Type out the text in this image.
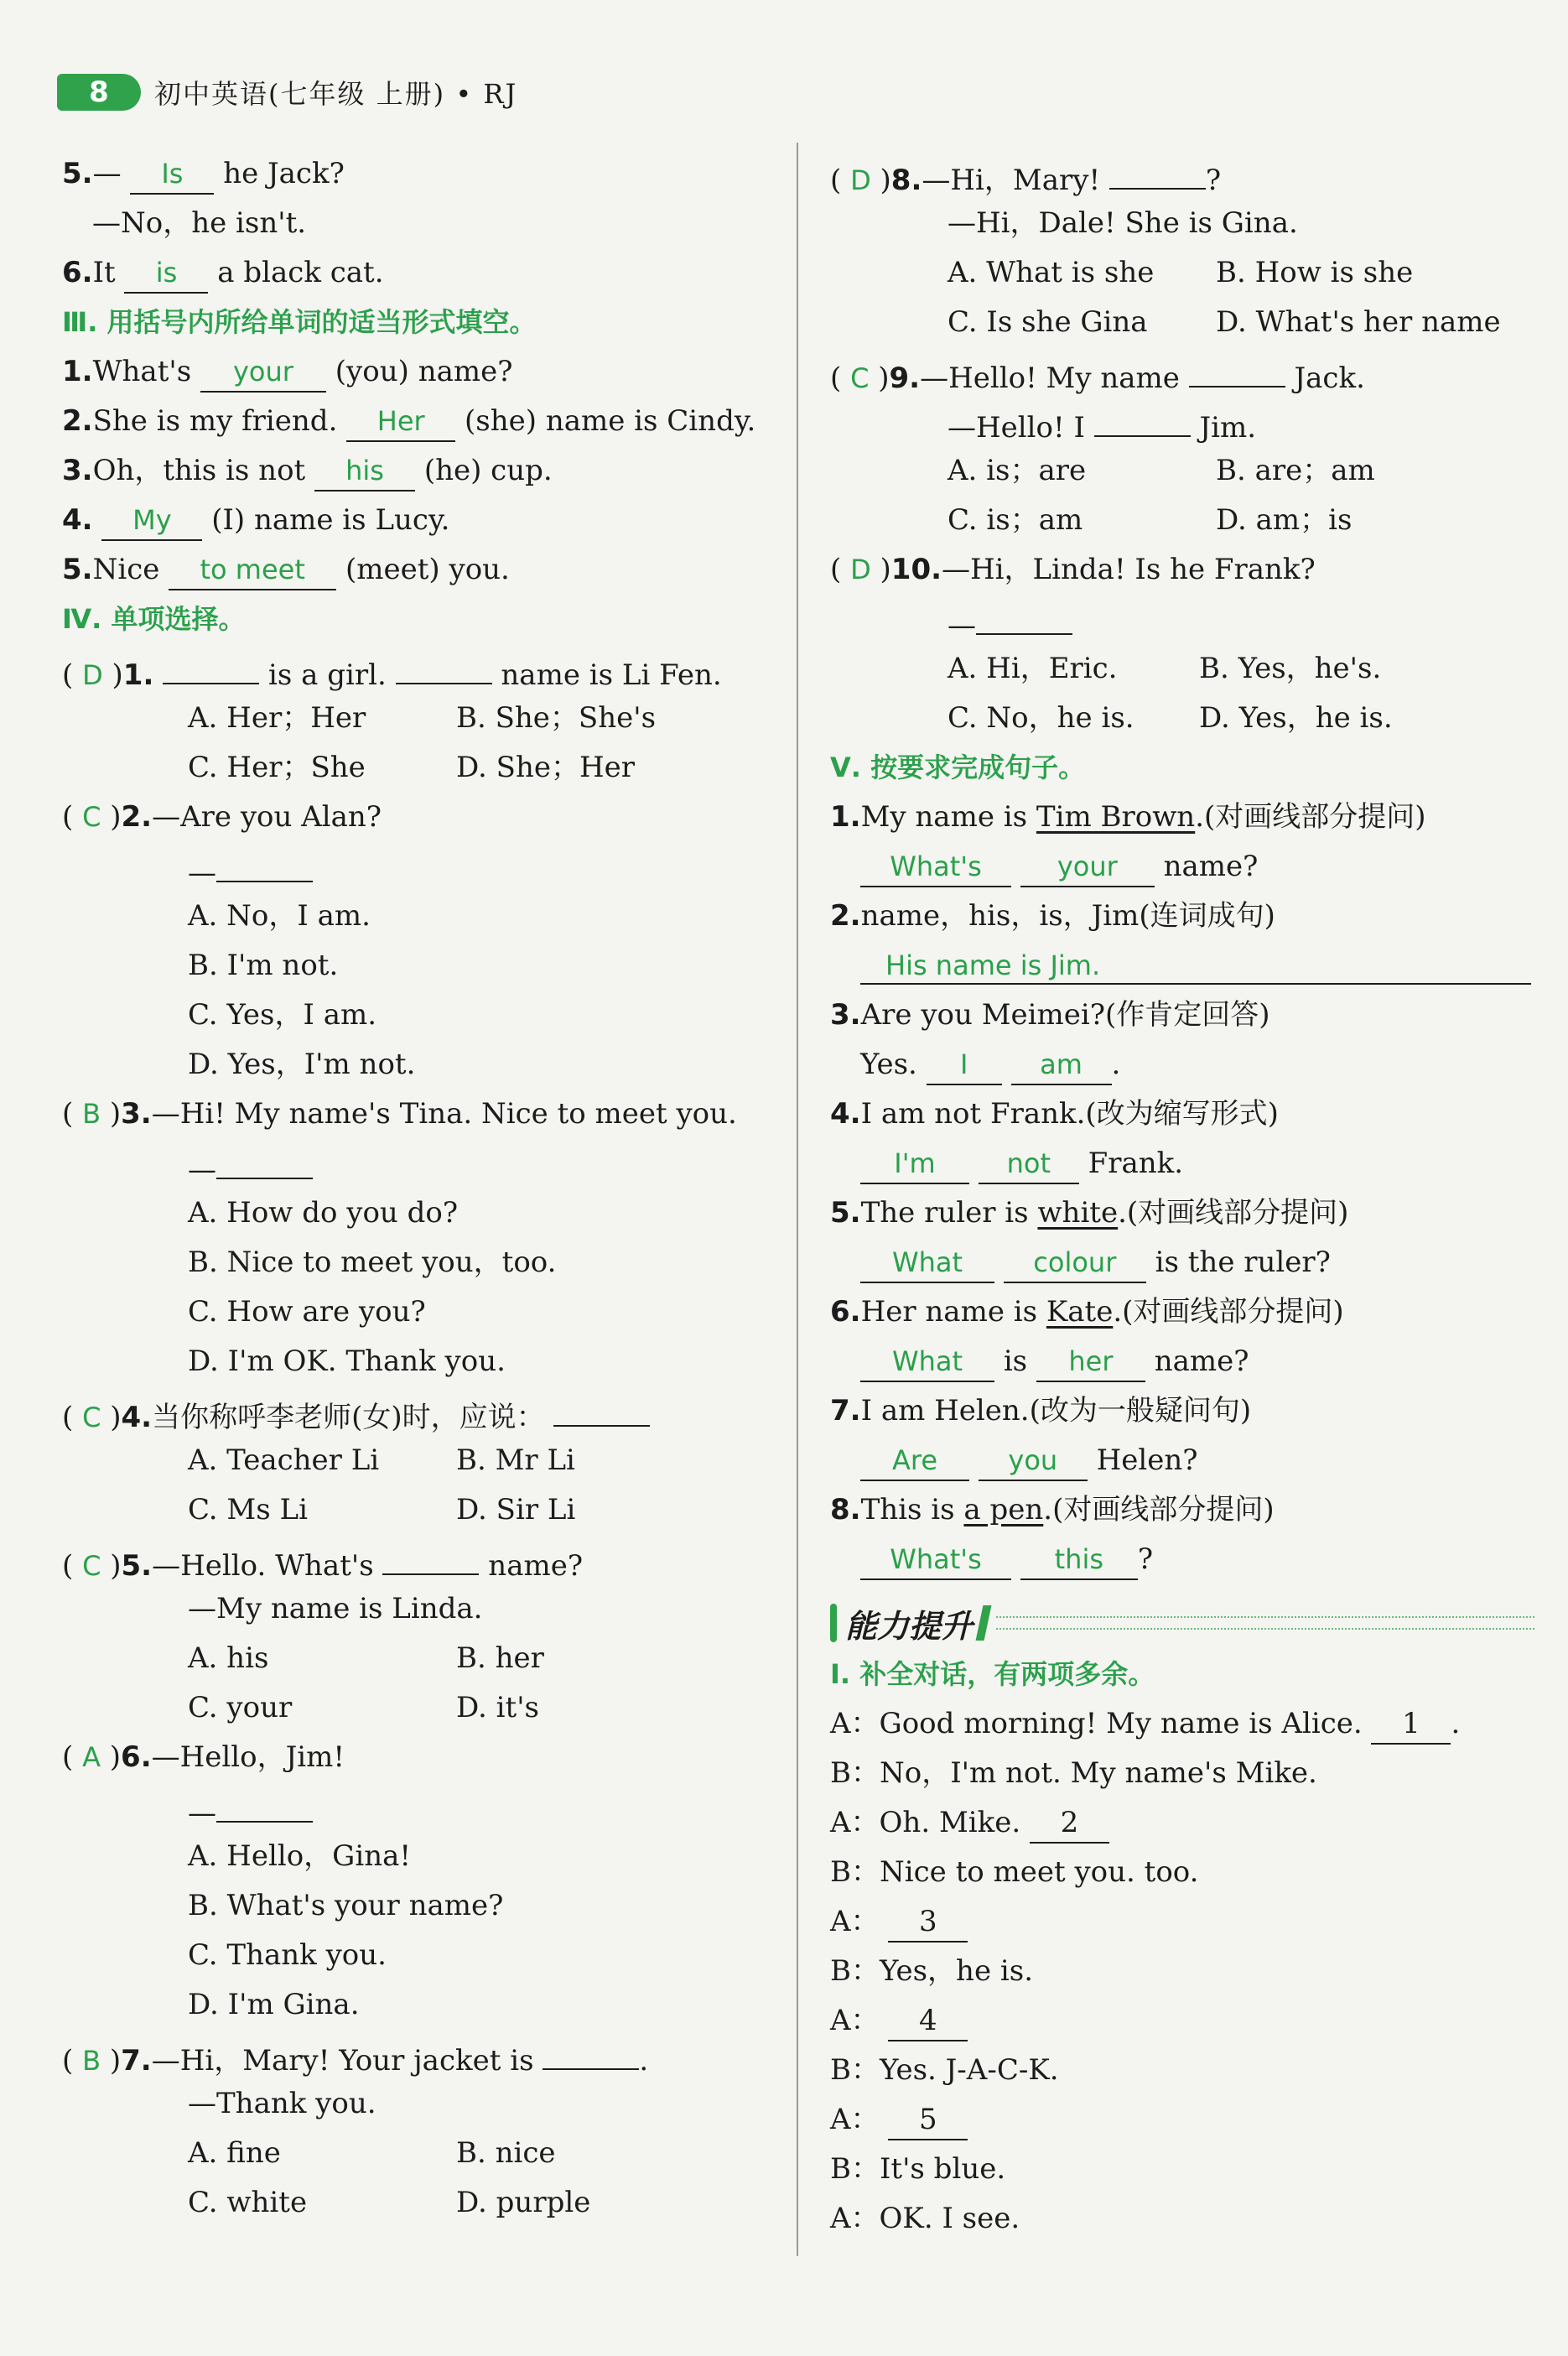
8	初中英语(七年级 上册) • RJ
5.— Is he Jack?
—No，he isn't.
6.It is a black cat.
Ⅲ. 用括号内所给单词的适当形式填空。
1.What's your (you) name?
2.She is my friend. Her (she) name is Cindy.
3.Oh，this is not his (he) cup.
4. My (I) name is Lucy.
5.Nice to meet (meet) you.
Ⅳ. 单项选择。
( D )1.	is a girl.	name is Li Fen.
A. Her；Her	B. She；She's
C. Her；She	D. She；Her
( C )2.—Are you Alan?
—
A. No，I am.
B. I'm not.
C. Yes，I am.
D. Yes，I'm not.
( B )3.—Hi! My name's Tina. Nice to meet you.
—
A. How do you do?
B. Nice to meet you，too.
C. How are you?
D. I'm OK. Thank you.
( C )4.当你称呼李老师(女)时，应说：
A. Teacher Li	B. Mr Li
C. Ms Li	D. Sir Li
( C )5.—Hello. What's	name?
—My name is Linda.
A. his	B. her
C. your	D. it's
( A )6.—Hello，Jim!
—
A. Hello，Gina!
B. What's your name?
C. Thank you.
D. I'm Gina.
( B )7.—Hi，Mary! Your jacket is	.
—Thank you.
A. fine	B. nice
C. white	D. purple
( D )8.—Hi，Mary!	?
—Hi，Dale! She is Gina.
A. What is she B. How is she
C. Is she Gina D. What's her name
( C )9.—Hello! My name	Jack.
—Hello! I	Jim.
A. is；are	B. are；am
C. is；am	D. am；is
( D )10.—Hi，Linda! Is he Frank?
—
A. Hi，Eric.	B. Yes，he's.
C. No，he is. D. Yes，he is.
Ⅴ. 按要求完成句子。
1.My name is Tim Brown.(对画线部分提问)
What's	your name?
2.name，his，is，Jim(连词成句)
His name is Jim.
3.Are you Meimei?(作肯定回答)
Yes. I	am .
4.I am not Frank.(改为缩写形式)
I'm	not Frank.
5.The ruler is white.(对画线部分提问)
What	colour is the ruler?
6.Her name is Kate.(对画线部分提问)
What is her name?
7.I am Helen.(改为一般疑问句)
Are	you Helen?
8.This is a pen.(对画线部分提问)
What's	this ?
能力提升
Ⅰ. 补全对话，有两项多余。
A：Good morning! My name is Alice. 1 .
B：No，I'm not. My name's Mike.
A：Oh. Mike. 2
B：Nice to meet you. too.
A： 3
B：Yes，he is.
A： 4
B：Yes. J-A-C-K.
A： 5
B：It's blue.
A：OK. I see.
